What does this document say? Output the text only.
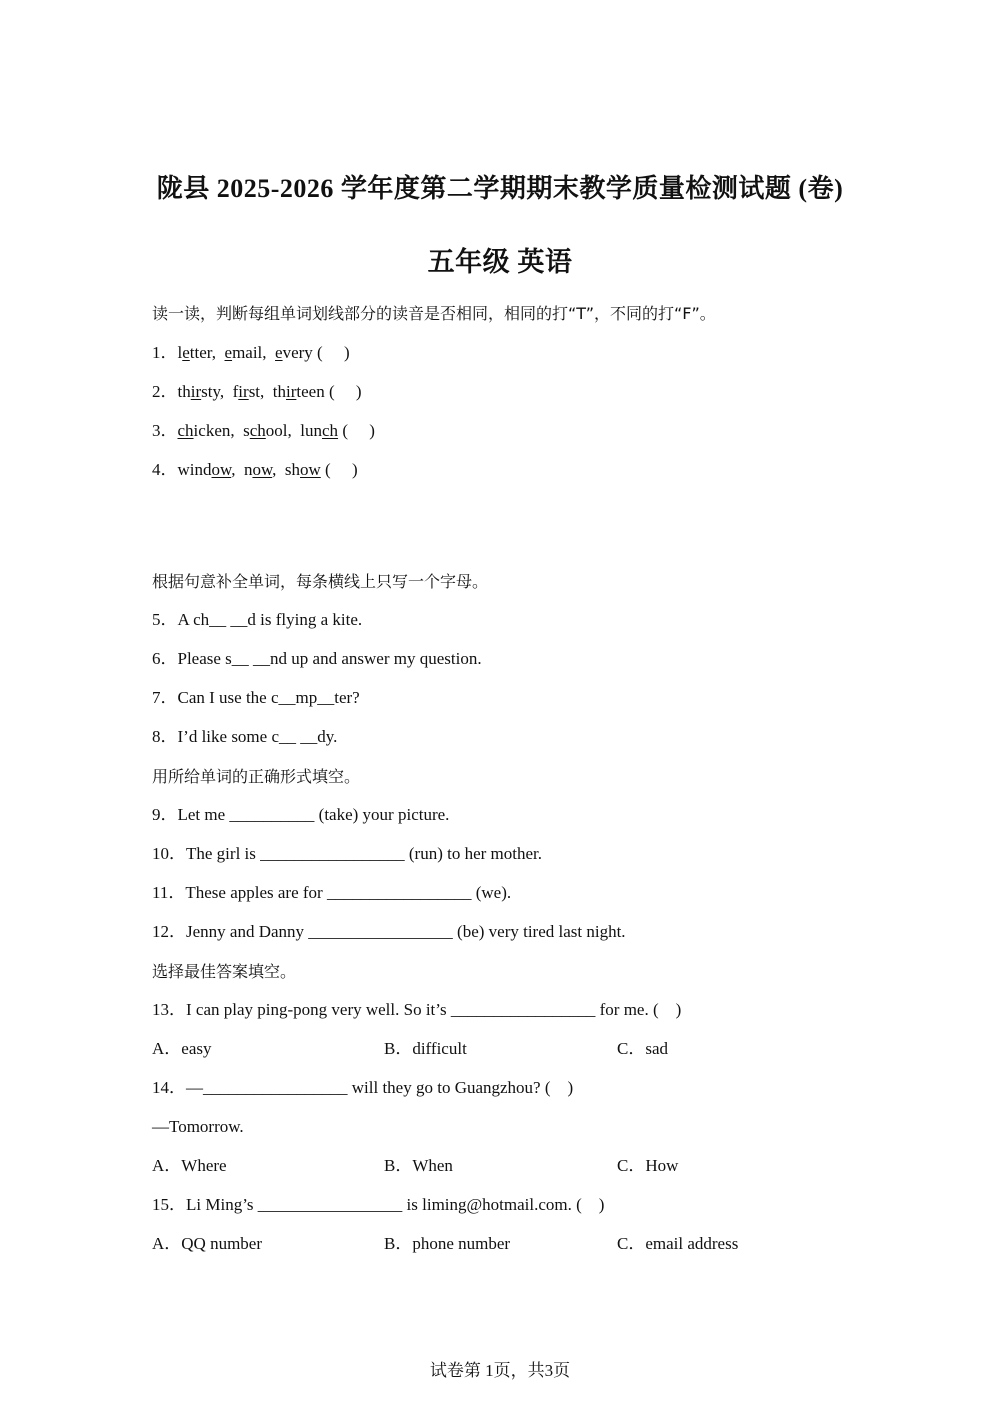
陇县 2025-2026 学年度第二学期期末教学质量检测试题 (卷)
五年级 英语
读一读，判断每组单词划线部分的读音是否相同，相同的打“T”，不同的打“F”。
1．letter,  email,  every (     )
2．thirsty,  first,  thirteen (     )
3．chicken,  school,  lunch (     )
4．window,  now,  show (     )
根据句意补全单词，每条横线上只写一个字母。
5．A ch__ __d is flying a kite.
6．Please s__ __nd up and answer my question.
7．Can I use the c__mp__ter?
8．I’d like some c__ __dy.
用所给单词的正确形式填空。
9．Let me __________ (take) your picture.
10．The girl is _________________ (run) to her mother.
11．These apples are for _________________ (we).
12．Jenny and Danny _________________ (be) very tired last night.
选择最佳答案填空。
13．I can play ping-pong very well. So it’s _________________ for me. (    )
A．easy	B．difficult	C．sad
14．—_________________ will they go to Guangzhou? (    )
—Tomorrow.
A．Where	B．When	C．How
15．Li Ming’s _________________ is liming@hotmail.com. (    )
A．QQ number	B．phone number	C．email address
试卷第 1页，共3页
